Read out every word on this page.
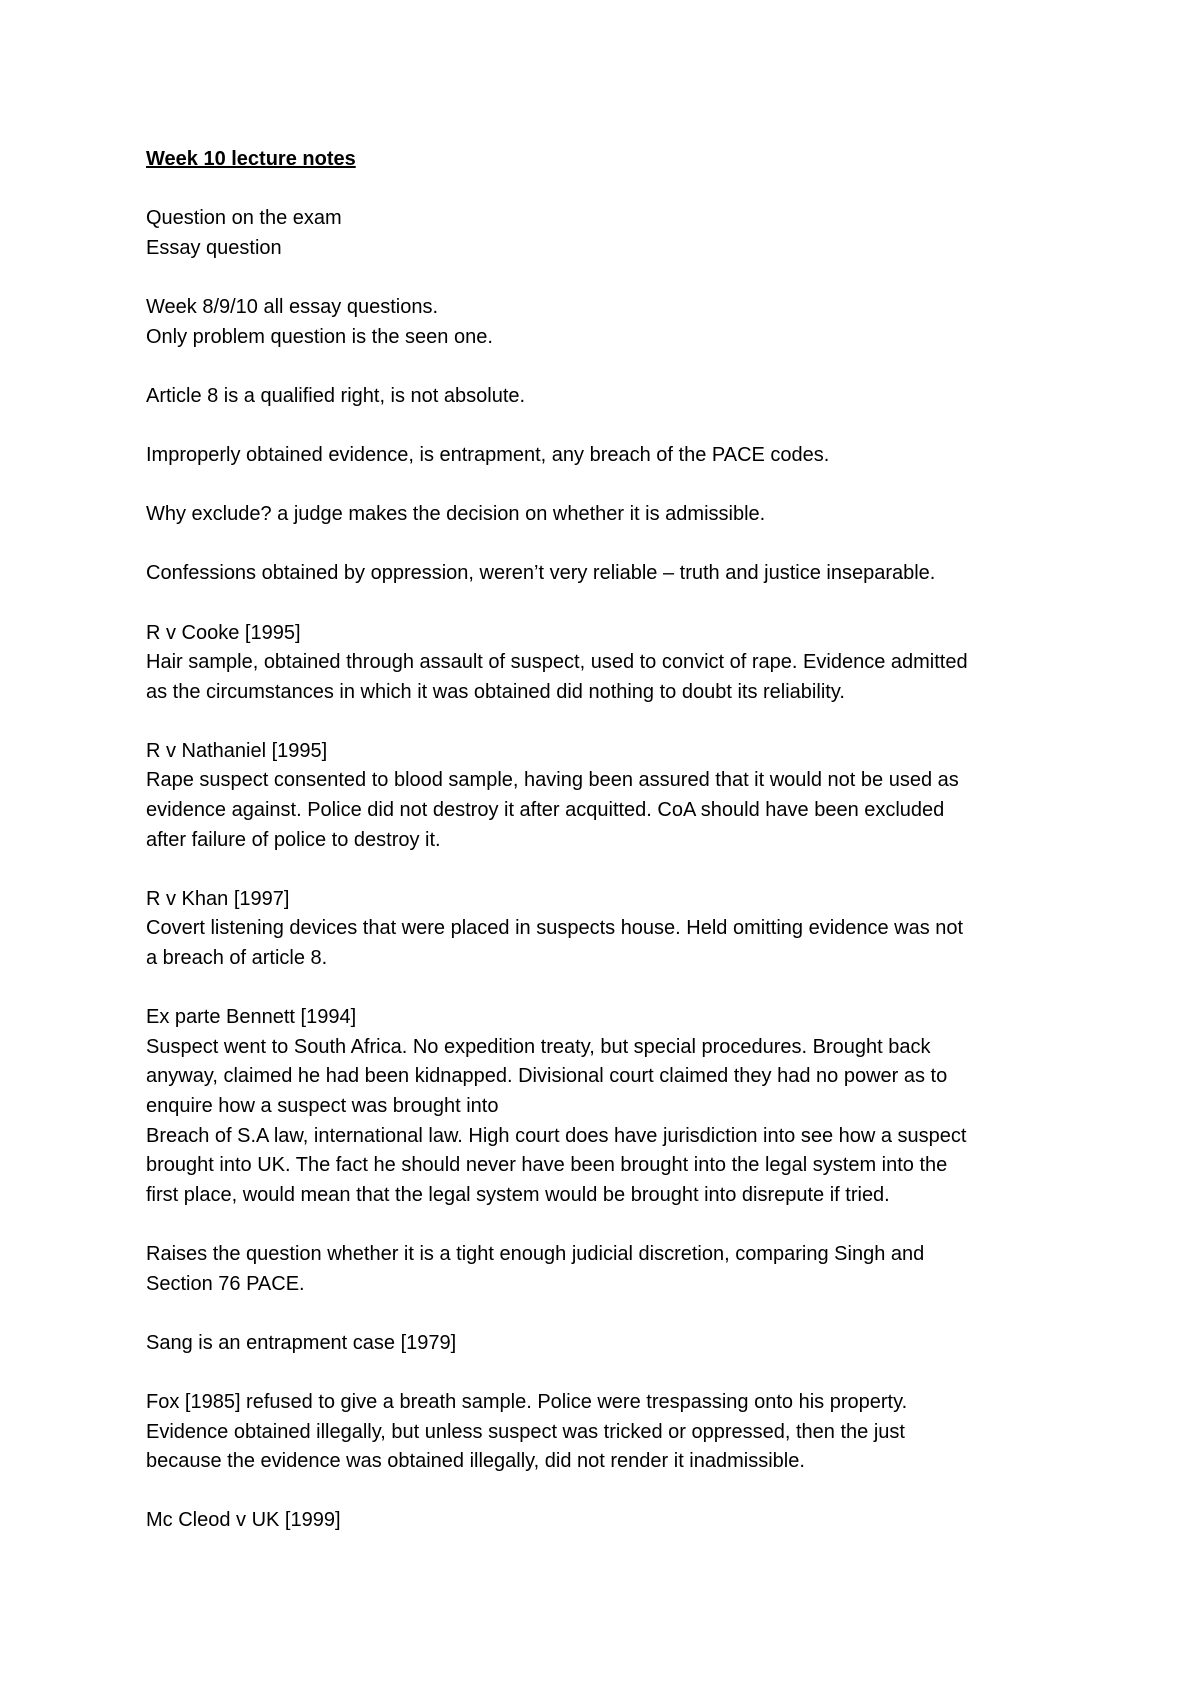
Week 10 lecture notes
Question on the exam
Essay question
Week 8/9/10 all essay questions.
Only problem question is the seen one.
Article 8 is a qualified right, is not absolute.
Improperly obtained evidence, is entrapment, any breach of the PACE codes.
Why exclude? a judge makes the decision on whether it is admissible.
Confessions obtained by oppression, weren’t very reliable – truth and justice inseparable.
R v Cooke [1995]
Hair sample, obtained through assault of suspect, used to convict of rape. Evidence admitted
as the circumstances in which it was obtained did nothing to doubt its reliability.
R v Nathaniel [1995]
Rape suspect consented to blood sample, having been assured that it would not be used as
evidence against. Police did not destroy it after acquitted. CoA should have been excluded
after failure of police to destroy it.
R v Khan [1997]
Covert listening devices that were placed in suspects house. Held omitting evidence was not
a breach of article 8.
Ex parte Bennett [1994]
Suspect went to South Africa. No expedition treaty, but special procedures. Brought back
anyway, claimed he had been kidnapped. Divisional court claimed they had no power as to
enquire how a suspect was brought into
Breach of S.A law, international law. High court does have jurisdiction into see how a suspect
brought into UK. The fact he should never have been brought into the legal system into the
first place, would mean that the legal system would be brought into disrepute if tried.
Raises the question whether it is a tight enough judicial discretion, comparing Singh and
Section 76 PACE.
Sang is an entrapment case [1979]
Fox [1985] refused to give a breath sample. Police were trespassing onto his property.
Evidence obtained illegally, but unless suspect was tricked or oppressed, then the just
because the evidence was obtained illegally, did not render it inadmissible.
Mc Cleod v UK [1999]
